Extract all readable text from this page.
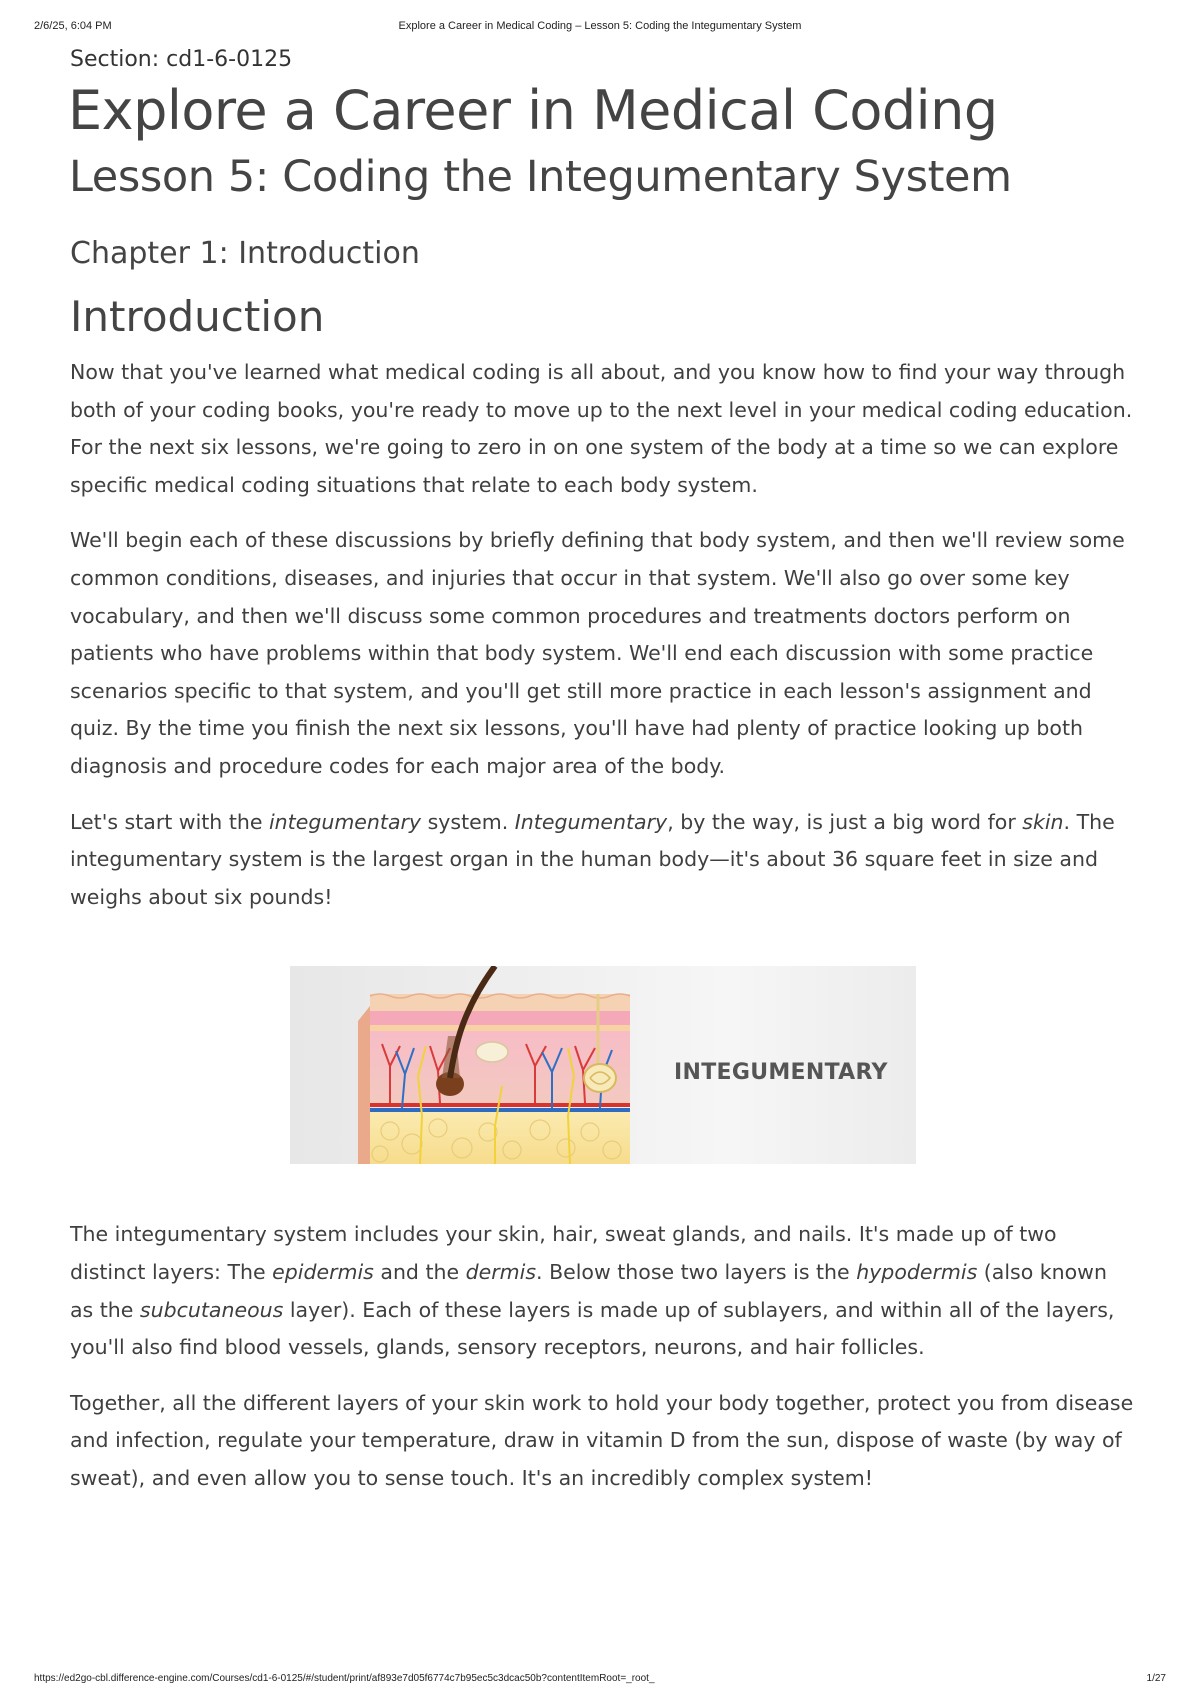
2/6/25, 6:04 PM	Explore a Career in Medical Coding – Lesson 5: Coding the Integumentary System

Section: cd1-6-0125

Explore a Career in Medical Coding
Lesson 5: Coding the Integumentary System
Chapter 1: Introduction
Introduction

Now that you've learned what medical coding is all about, and you know how to find your way through both of your coding books, you're ready to move up to the next level in your medical coding education. For the next six lessons, we're going to zero in on one system of the body at a time so we can explore specific medical coding situations that relate to each body system.

We'll begin each of these discussions by briefly defining that body system, and then we'll review some common conditions, diseases, and injuries that occur in that system. We'll also go over some key vocabulary, and then we'll discuss some common procedures and treatments doctors perform on patients who have problems within that body system. We'll end each discussion with some practice scenarios specific to that system, and you'll get still more practice in each lesson's assignment and quiz. By the time you finish the next six lessons, you'll have had plenty of practice looking up both diagnosis and procedure codes for each major area of the body.

Let's start with the integumentary system. Integumentary, by the way, is just a big word for skin. The integumentary system is the largest organ in the human body—it's about 36 square feet in size and weighs about six pounds!

INTEGUMENTARY

The integumentary system includes your skin, hair, sweat glands, and nails. It's made up of two distinct layers: The epidermis and the dermis. Below those two layers is the hypodermis (also known as the subcutaneous layer). Each of these layers is made up of sublayers, and within all of the layers, you'll also find blood vessels, glands, sensory receptors, neurons, and hair follicles.

Together, all the different layers of your skin work to hold your body together, protect you from disease and infection, regulate your temperature, draw in vitamin D from the sun, dispose of waste (by way of sweat), and even allow you to sense touch. It's an incredibly complex system!

https://ed2go-cbl.difference-engine.com/Courses/cd1-6-0125/#/student/print/af893e7d05f6774c7b95ec5c3dcac50b?contentItemRoot=_root_	1/27
